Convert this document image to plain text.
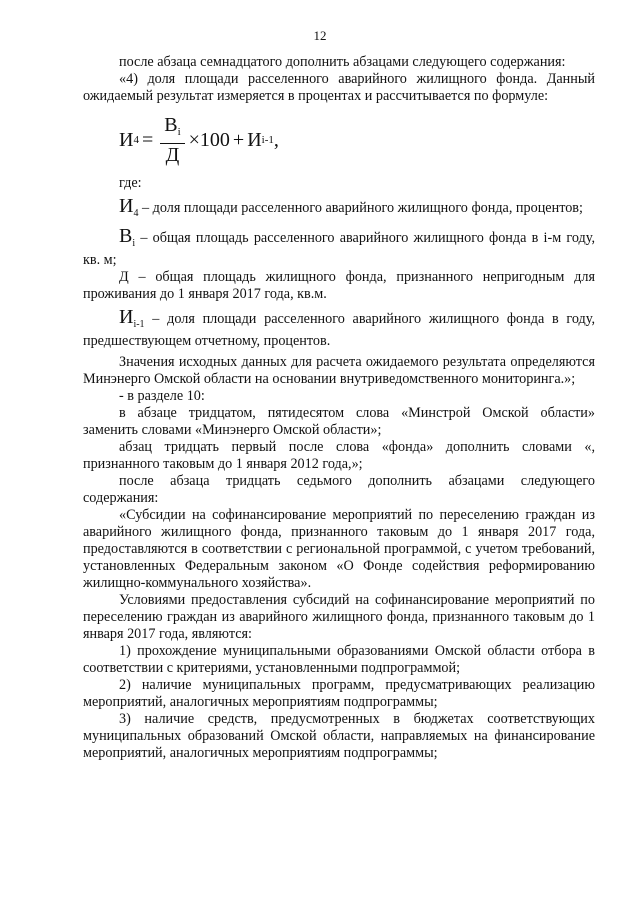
12

после абзаца семнадцатого дополнить абзацами следующего содержания:

«4) доля площади расселенного аварийного жилищного фонда. Данный ожидаемый результат измеряется в процентах и рассчитывается по формуле:

И $4 = \frac{В_i}{Д} \times 100 + И$ i-1 ,

где:

$И_4$ – доля площади расселенного аварийного жилищного фонда, процентов;

$В_i$ – общая площадь расселенного аварийного жилищного фонда в i-м году, кв. м;

Д – общая площадь жилищного фонда, признанного непригодным для проживания до 1 января 2017 года, кв.м.

$И_{i-1}$ – доля площади расселенного аварийного жилищного фонда в году, предшествующем отчетному, процентов.

Значения исходных данных для расчета ожидаемого результата определяются Минэнерго Омской области на основании внутриведомственного мониторинга.»;

- в разделе 10:

в абзаце тридцатом, пятидесятом слова «Минстрой Омской области» заменить словами «Минэнерго Омской области»;

абзац тридцать первый после слова «фонда» дополнить словами «, признанного таковым до 1 января 2012 года,»;

после абзаца тридцать седьмого дополнить абзацами следующего содержания:

«Субсидии на софинансирование мероприятий по переселению граждан из аварийного жилищного фонда, признанного таковым до 1 января 2017 года, предоставляются в соответствии с региональной программой, с учетом требований, установленных Федеральным законом «О Фонде содействия реформированию жилищно-коммунального хозяйства».

Условиями предоставления субсидий на софинансирование мероприятий по переселению граждан из аварийного жилищного фонда, признанного таковым до 1 января 2017 года, являются:

1) прохождение муниципальными образованиями Омской области отбора в соответствии с критериями, установленными подпрограммой;

2) наличие муниципальных программ, предусматривающих реализацию мероприятий, аналогичных мероприятиям подпрограммы;

3) наличие средств, предусмотренных в бюджетах соответствующих муниципальных образований Омской области, направляемых на финансирование мероприятий, аналогичных мероприятиям подпрограммы;
